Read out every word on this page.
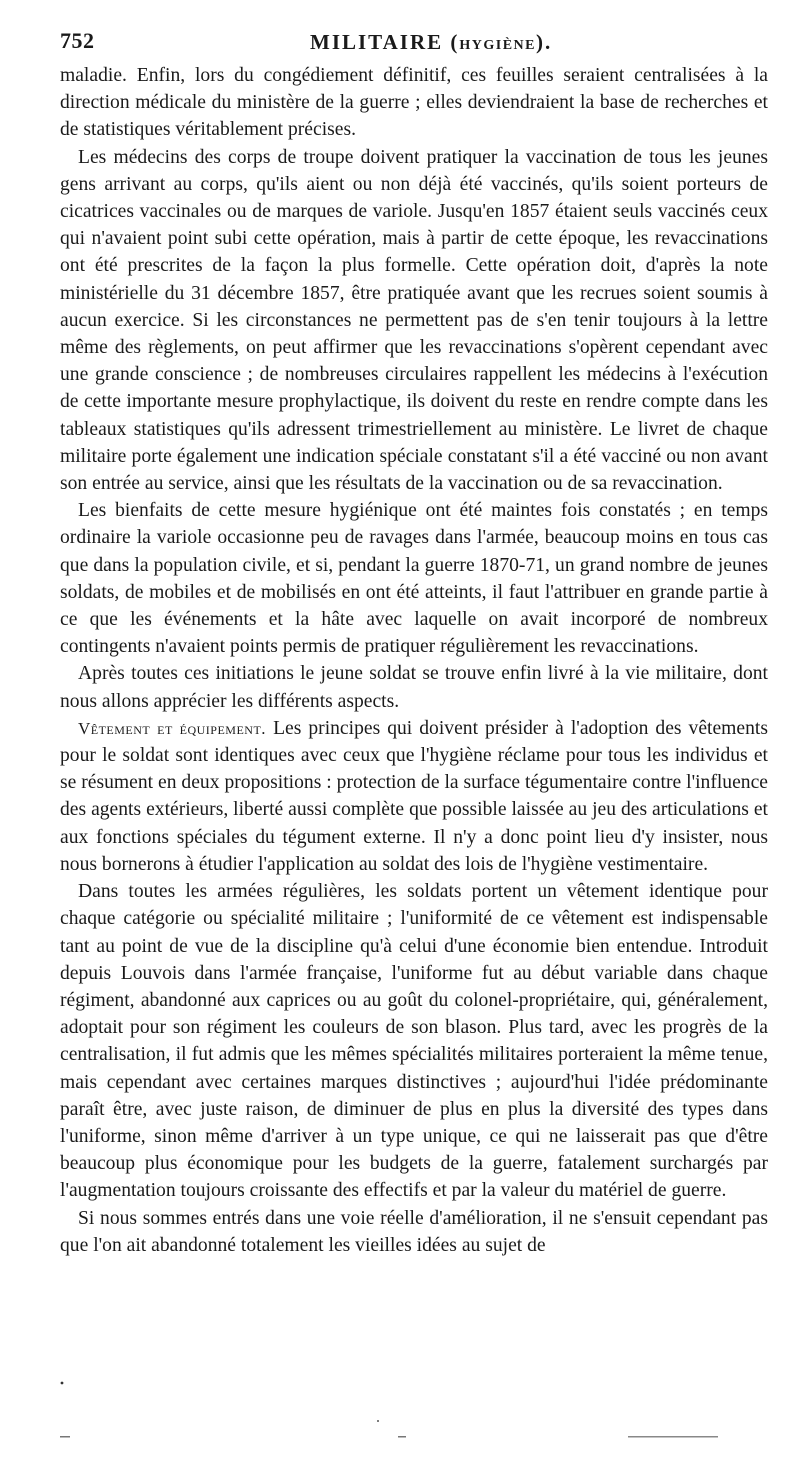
752	MILITAIRE (HYGIÈNE).

maladie. Enfin, lors du congédiement définitif, ces feuilles seraient centralisées à la direction médicale du ministère de la guerre ; elles deviendraient la base de recherches et de statistiques véritablement précises.

Les médecins des corps de troupe doivent pratiquer la vaccination de tous les jeunes gens arrivant au corps, qu'ils aient ou non déjà été vaccinés, qu'ils soient porteurs de cicatrices vaccinales ou de marques de variole. Jusqu'en 1857 étaient seuls vaccinés ceux qui n'avaient point subi cette opération, mais à partir de cette époque, les revaccinations ont été prescrites de la façon la plus formelle. Cette opération doit, d'après la note ministérielle du 31 décembre 1857, être pratiquée avant que les recrues soient soumis à aucun exercice. Si les circonstances ne permettent pas de s'en tenir toujours à la lettre même des règlements, on peut affirmer que les revaccinations s'opèrent cependant avec une grande conscience ; de nombreuses circulaires rappellent les médecins à l'exécution de cette importante mesure prophylactique, ils doivent du reste en rendre compte dans les tableaux statistiques qu'ils adressent trimestriellement au ministère. Le livret de chaque militaire porte également une indication spéciale constatant s'il a été vacciné ou non avant son entrée au service, ainsi que les résultats de la vaccination ou de sa revaccination.

Les bienfaits de cette mesure hygiénique ont été maintes fois constatés ; en temps ordinaire la variole occasionne peu de ravages dans l'armée, beaucoup moins en tous cas que dans la population civile, et si, pendant la guerre 1870-71, un grand nombre de jeunes soldats, de mobiles et de mobilisés en ont été atteints, il faut l'attribuer en grande partie à ce que les événements et la hâte avec laquelle on avait incorporé de nombreux contingents n'avaient points permis de pratiquer régulièrement les revaccinations.

Après toutes ces initiations le jeune soldat se trouve enfin livré à la vie militaire, dont nous allons apprécier les différents aspects.

Vêtement et équipement. Les principes qui doivent présider à l'adoption des vêtements pour le soldat sont identiques avec ceux que l'hygiène réclame pour tous les individus et se résument en deux propositions : protection de la surface tégumentaire contre l'influence des agents extérieurs, liberté aussi complète que possible laissée au jeu des articulations et aux fonctions spéciales du tégument externe. Il n'y a donc point lieu d'y insister, nous nous bornerons à étudier l'application au soldat des lois de l'hygiène vestimentaire.

Dans toutes les armées régulières, les soldats portent un vêtement identique pour chaque catégorie ou spécialité militaire ; l'uniformité de ce vêtement est indispensable tant au point de vue de la discipline qu'à celui d'une économie bien entendue. Introduit depuis Louvois dans l'armée française, l'uniforme fut au début variable dans chaque régiment, abandonné aux caprices ou au goût du colonel-propriétaire, qui, généralement, adoptait pour son régiment les couleurs de son blason. Plus tard, avec les progrès de la centralisation, il fut admis que les mêmes spécialités militaires porteraient la même tenue, mais cependant avec certaines marques distinctives ; aujourd'hui l'idée prédominante paraît être, avec juste raison, de diminuer de plus en plus la diversité des types dans l'uniforme, sinon même d'arriver à un type unique, ce qui ne laisserait pas que d'être beaucoup plus économique pour les budgets de la guerre, fatalement surchargés par l'augmentation toujours croissante des effectifs et par la valeur du matériel de guerre.

Si nous sommes entrés dans une voie réelle d'amélioration, il ne s'ensuit cependant pas que l'on ait abandonné totalement les vieilles idées au sujet de
